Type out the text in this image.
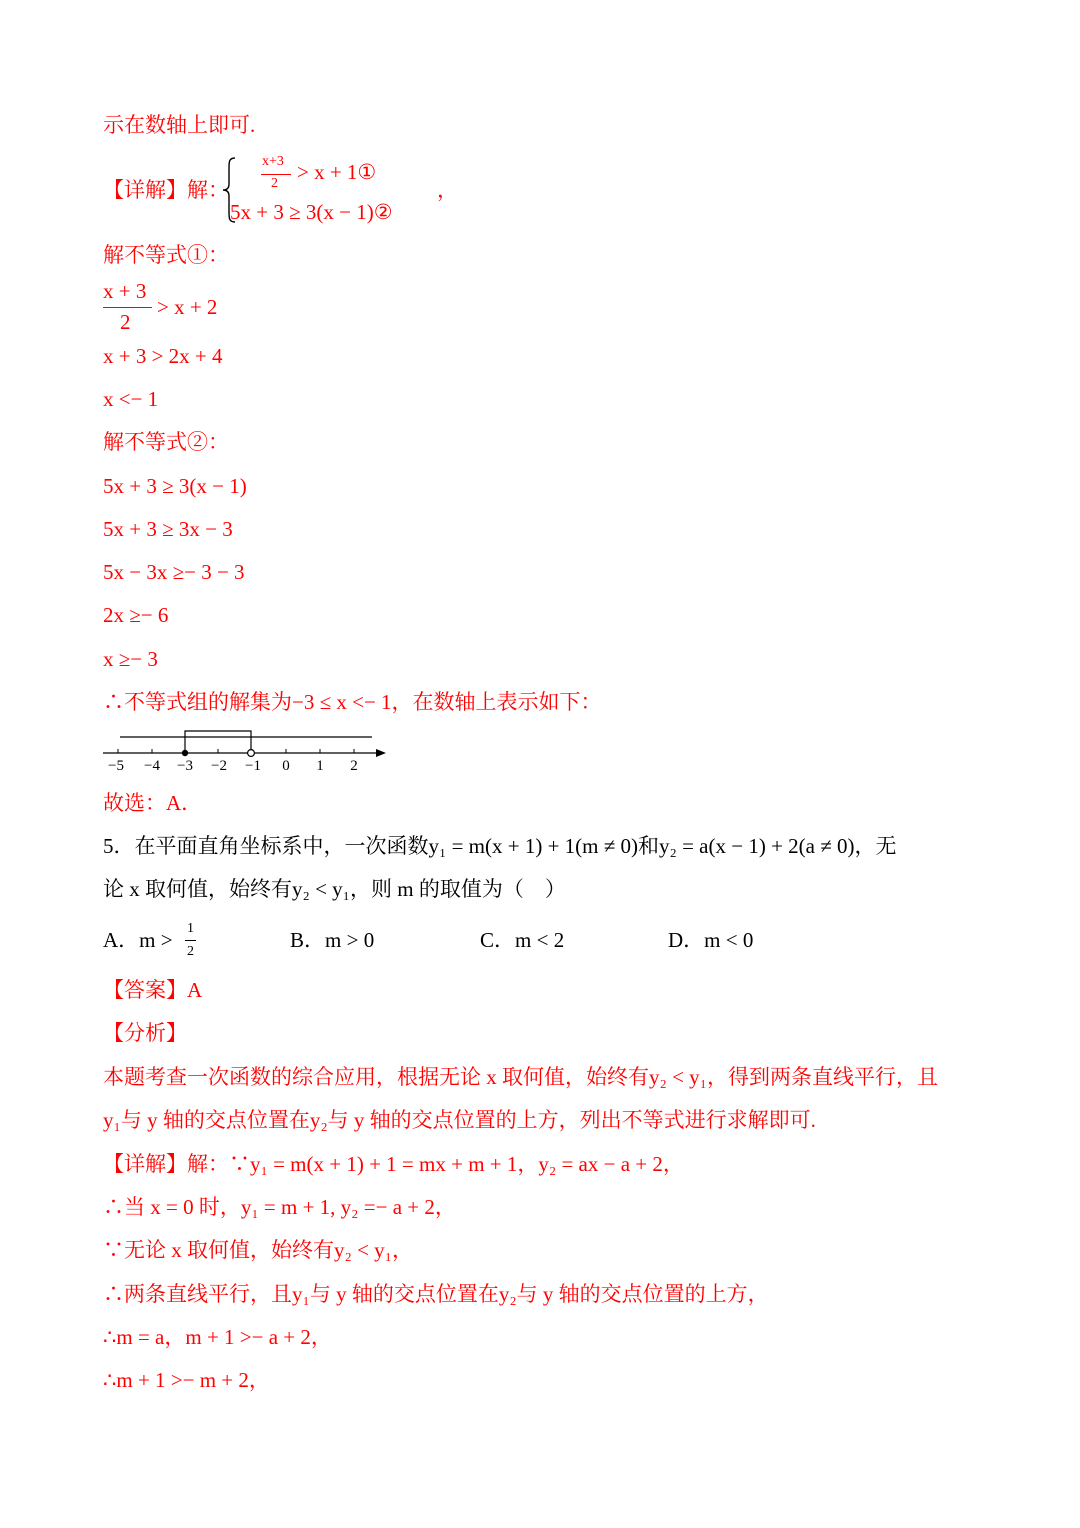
示在数轴上即可.
【详解】解：
x+3
2 > x + 1①
5x + 3 ≥ 3(x − 1)②
，
解不等式①：
x + 3
2
> x + 2
x + 3 > 2x + 4
x <− 1
解不等式②：
5x + 3 ≥ 3(x − 1)
5x + 3 ≥ 3x − 3
5x − 3x ≥− 3 − 3
2x ≥− 6
x ≥− 3
∴不等式组的解集为−3 ≤ x <− 1，在数轴上表示如下：
−5 −4 −3 −2 −1 0 1 2
故选：A．
5．在平面直角坐标系中，一次函数y₁ = m(x + 1) + 1(m ≠ 0)和y₂ = a(x − 1) + 2(a ≠ 0)，无
论 x 取何值，始终有y₂ < y₁，则 m 的取值为（　）
A．m > 1
2	B．m > 0	C．m < 2	D．m < 0
【答案】A
【分析】
本题考查一次函数的综合应用，根据无论 x 取何值，始终有y₂ < y₁，得到两条直线平行，且
y₁与 y 轴的交点位置在y₂与 y 轴的交点位置的上方，列出不等式进行求解即可.
【详解】解：∵y₁ = m(x + 1) + 1 = mx + m + 1，y₂ = ax − a + 2，
∴当 x = 0 时，y₁ = m + 1, y₂ =− a + 2，
∵无论 x 取何值，始终有y₂ < y₁，
∴两条直线平行，且y₁与 y 轴的交点位置在y₂与 y 轴的交点位置的上方，
∴m = a，m + 1 >− a + 2，
∴m + 1 >− m + 2，
